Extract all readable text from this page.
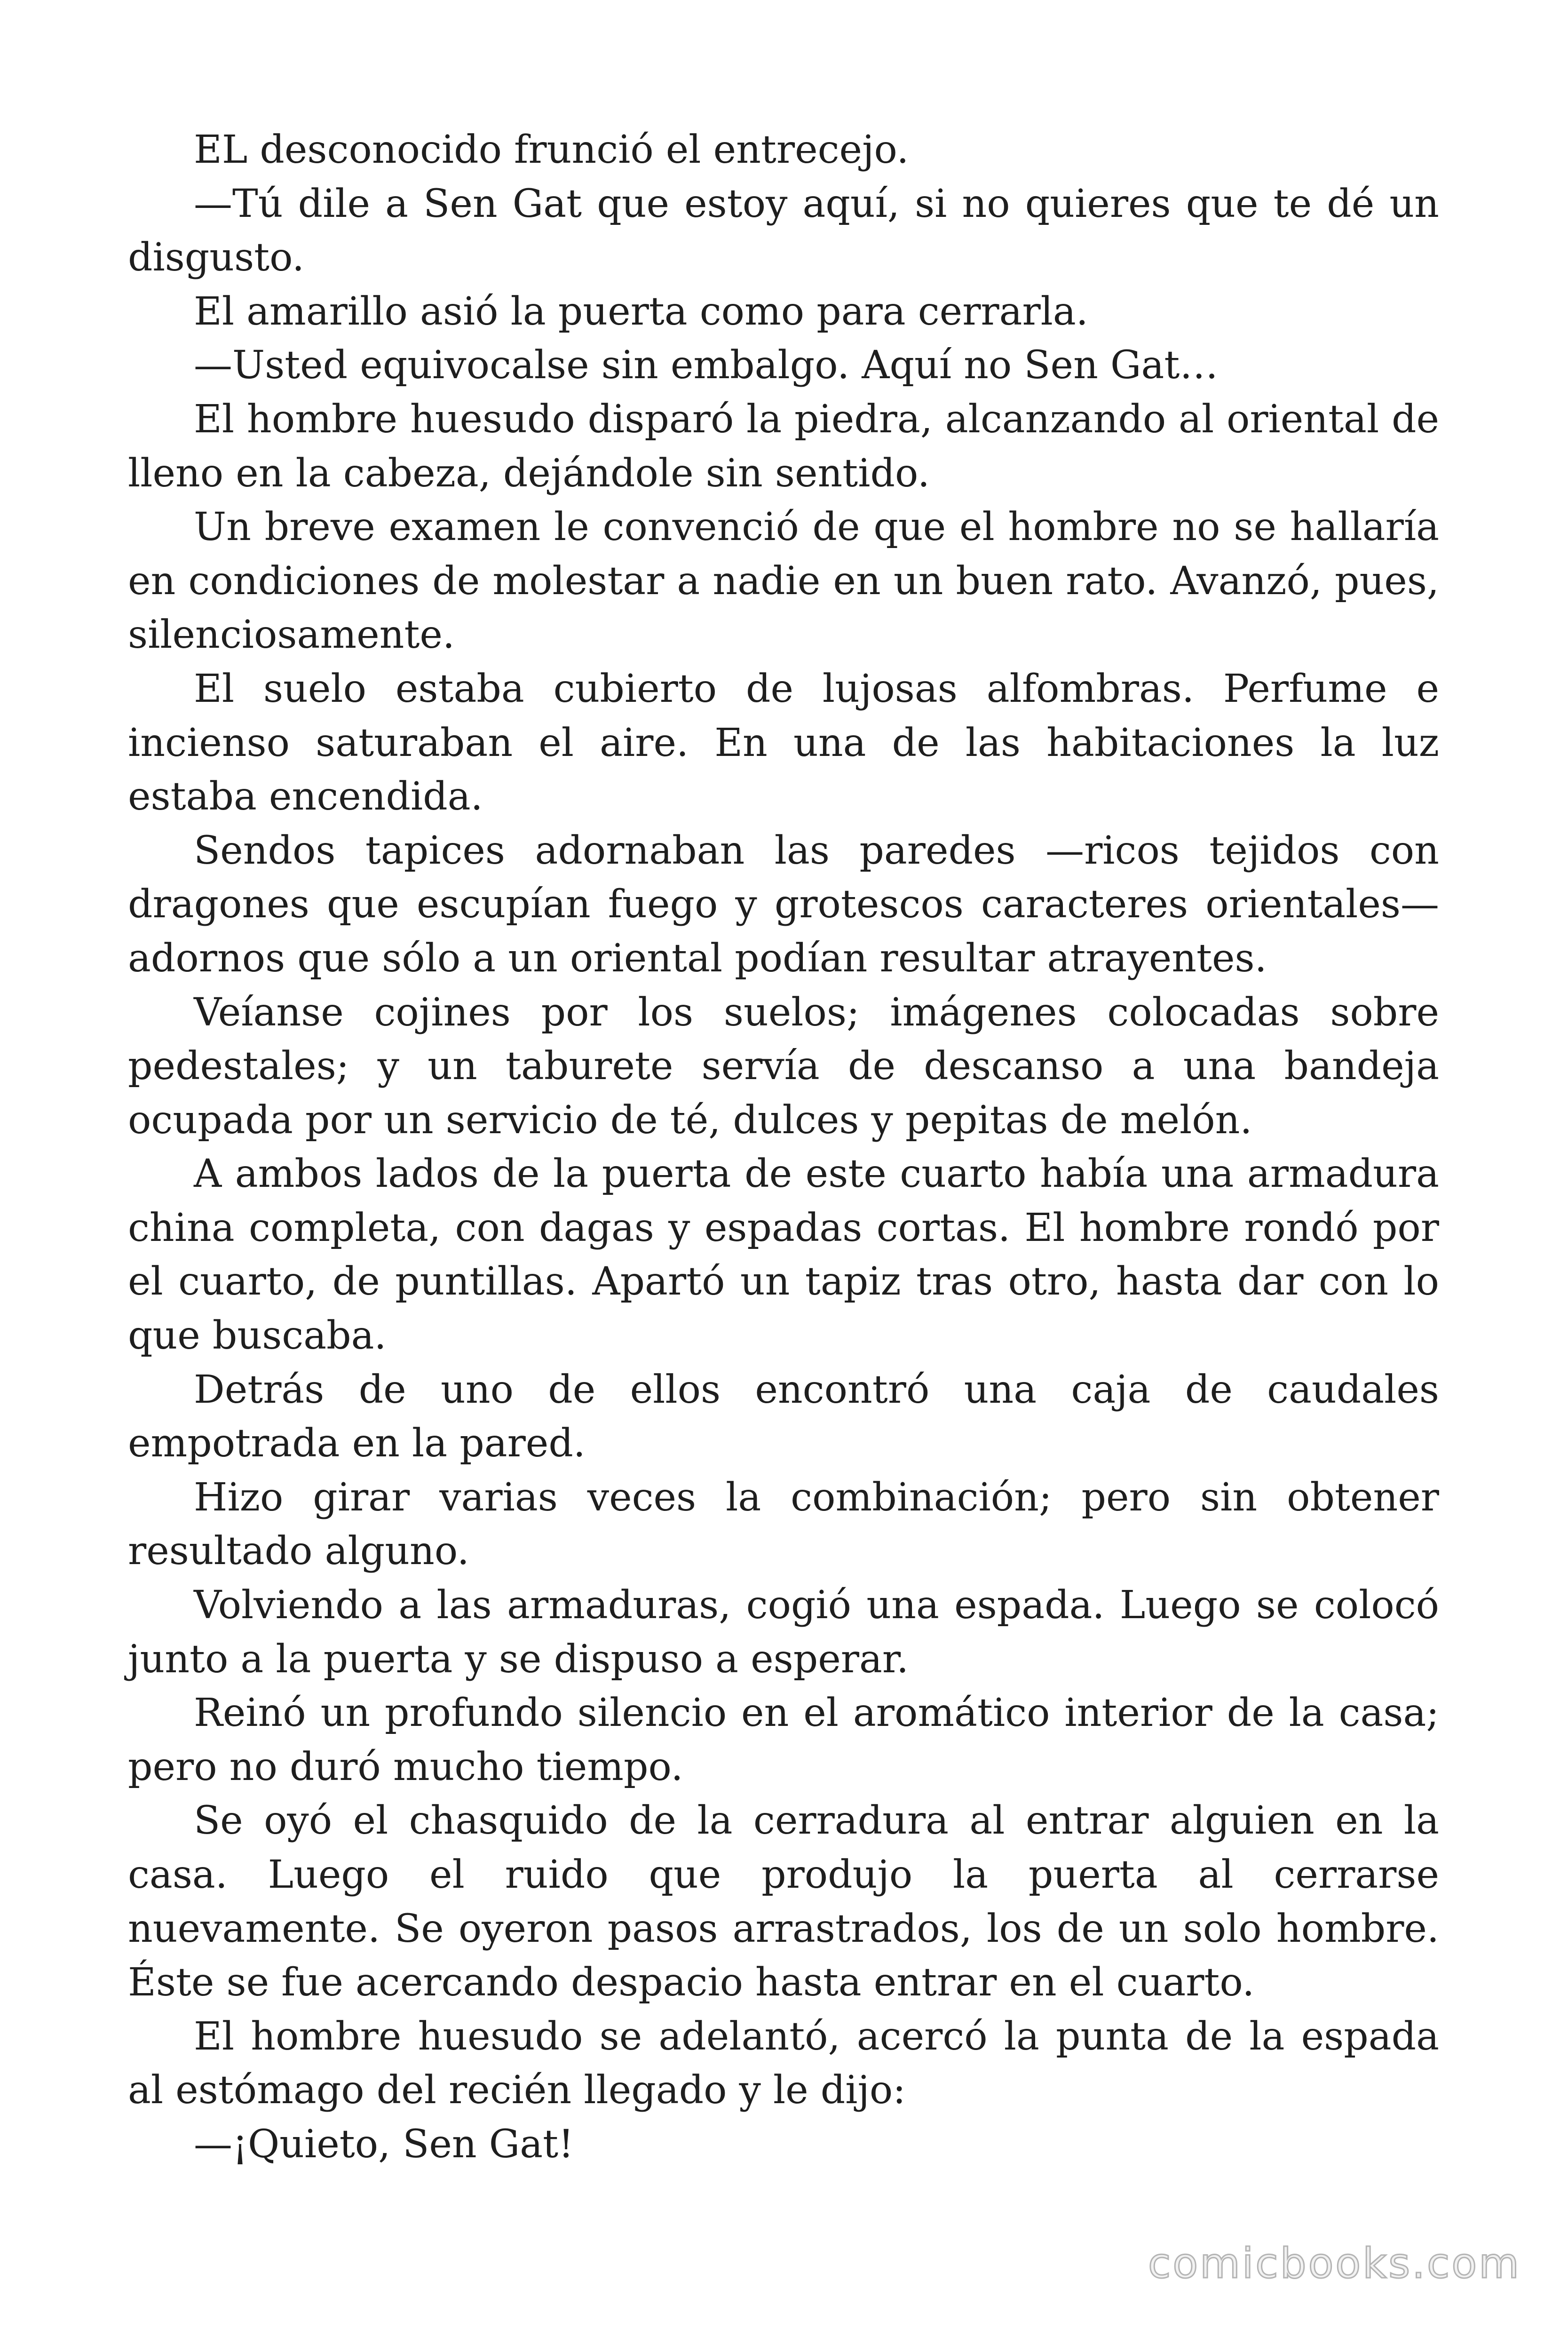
EL desconocido frunció el entrecejo.

—Tú dile a Sen Gat que estoy aquí, si no quieres que te dé un disgusto.

El amarillo asió la puerta como para cerrarla.

—Usted equivocalse sin embalgo. Aquí no Sen Gat…

El hombre huesudo disparó la piedra, alcanzando al oriental de lleno en la cabeza, dejándole sin sentido.

Un breve examen le convenció de que el hombre no se hallaría en condiciones de molestar a nadie en un buen rato. Avanzó, pues, silenciosamente.

El suelo estaba cubierto de lujosas alfombras. Perfume e incienso saturaban el aire. En una de las habitaciones la luz estaba encendida.

Sendos tapices adornaban las paredes —ricos tejidos con dragones que escupían fuego y grotescos caracteres orientales— adornos que sólo a un oriental podían resultar atrayentes.

Veíanse cojines por los suelos; imágenes colocadas sobre pedestales; y un taburete servía de descanso a una bandeja ocupada por un servicio de té, dulces y pepitas de melón.

A ambos lados de la puerta de este cuarto había una armadura china completa, con dagas y espadas cortas. El hombre rondó por el cuarto, de puntillas. Apartó un tapiz tras otro, hasta dar con lo que buscaba.

Detrás de uno de ellos encontró una caja de caudales empotrada en la pared.

Hizo girar varias veces la combinación; pero sin obtener resultado alguno.

Volviendo a las armaduras, cogió una espada. Luego se colocó junto a la puerta y se dispuso a esperar.

Reinó un profundo silencio en el aromático interior de la casa; pero no duró mucho tiempo.

Se oyó el chasquido de la cerradura al entrar alguien en la casa. Luego el ruido que produjo la puerta al cerrarse nuevamente. Se oyeron pasos arrastrados, los de un solo hombre. Éste se fue acercando despacio hasta entrar en el cuarto.

El hombre huesudo se adelantó, acercó la punta de la espada al estómago del recién llegado y le dijo:

—¡Quieto, Sen Gat!

comicbooks.com
